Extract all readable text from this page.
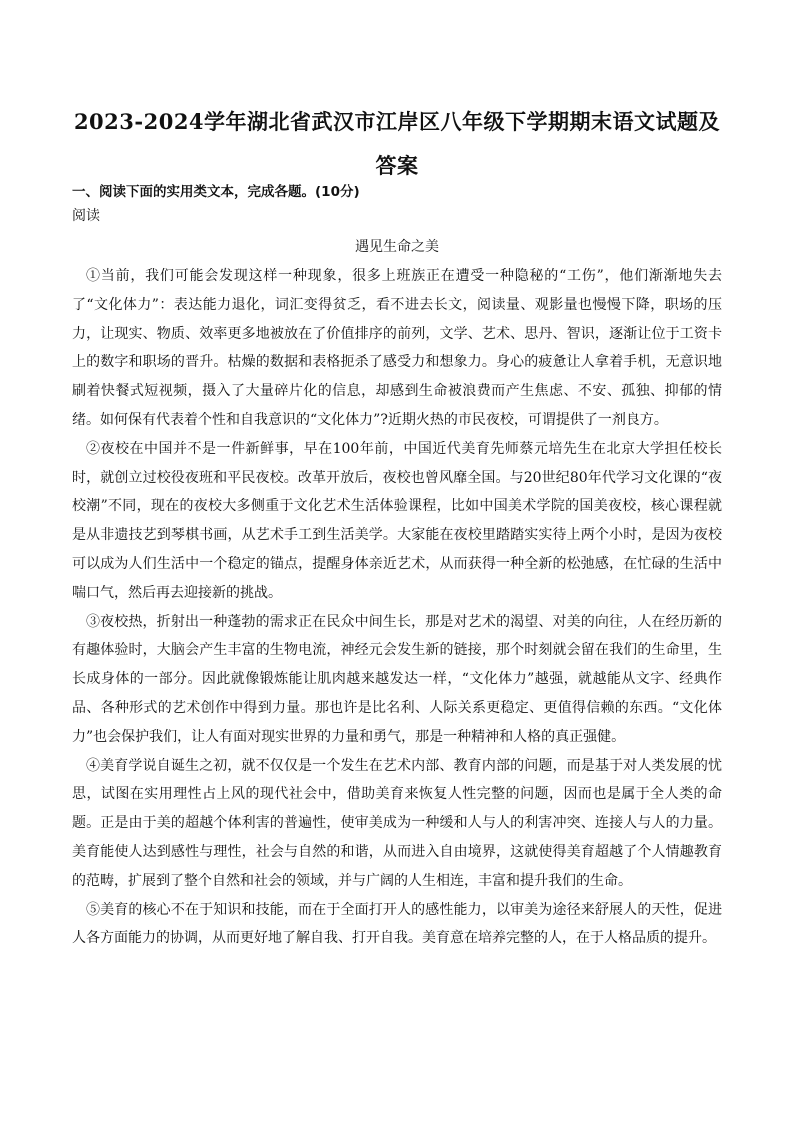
2023-2024学年湖北省武汉市江岸区八年级下学期期末语文试题及答案

一、阅读下面的实用类文本，完成各题。(10分)

阅读

遇见生命之美

①当前，我们可能会发现这样一种现象，很多上班族正在遭受一种隐秘的“工伤”，他们渐渐地失去了“文化体力”：表达能力退化，词汇变得贫乏，看不进去长文，阅读量、观影量也慢慢下降，职场的压力，让现实、物质、效率更多地被放在了价值排序的前列，文学、艺术、思丹、智识，逐渐让位于工资卡上的数字和职场的晋升。枯燥的数据和表格扼杀了感受力和想象力。身心的疲惫让人拿着手机，无意识地刷着快餐式短视频，摄入了大量碎片化的信息，却感到生命被浪费而产生焦虑、不安、孤独、抑郁的情绪。如何保有代表着个性和自我意识的“文化体力”?近期火热的市民夜校，可谓提供了一剂良方。

②夜校在中国并不是一件新鲜事，早在100年前，中国近代美育先师蔡元培先生在北京大学担任校长时，就创立过校役夜班和平民夜校。改革开放后，夜校也曾风靡全国。与20世纪80年代学习文化课的“夜校潮”不同，现在的夜校大多侧重于文化艺术生活体验课程，比如中国美术学院的国美夜校，核心课程就是从非遗技艺到琴棋书画，从艺术手工到生活美学。大家能在夜校里踏踏实实待上两个小时，是因为夜校可以成为人们生活中一个稳定的锚点，提醒身体亲近艺术，从而获得一种全新的松弛感，在忙碌的生活中喘口气，然后再去迎接新的挑战。

③夜校热，折射出一种蓬勃的需求正在民众中间生长，那是对艺术的渴望、对美的向往，人在经历新的有趣体验时，大脑会产生丰富的生物电流，神经元会发生新的链接，那个时刻就会留在我们的生命里，生长成身体的一部分。因此就像锻炼能让肌肉越来越发达一样，“文化体力”越强，就越能从文字、经典作品、各种形式的艺术创作中得到力量。那也许是比名利、人际关系更稳定、更值得信赖的东西。“文化体力”也会保护我们，让人有面对现实世界的力量和勇气，那是一种精神和人格的真正强健。

④美育学说自诞生之初，就不仅仅是一个发生在艺术内部、教育内部的问题，而是基于对人类发展的忧思，试图在实用理性占上风的现代社会中，借助美育来恢复人性完整的问题，因而也是属于全人类的命题。正是由于美的超越个体利害的普遍性，使审美成为一种缓和人与人的利害冲突、连接人与人的力量。美育能使人达到感性与理性，社会与自然的和谐，从而进入自由境界，这就使得美育超越了个人情趣教育的范畴，扩展到了整个自然和社会的领域，并与广阔的人生相连，丰富和提升我们的生命。

⑤美育的核心不在于知识和技能，而在于全面打开人的感性能力，以审美为途径来舒展人的天性，促进人各方面能力的协调，从而更好地了解自我、打开自我。美育意在培养完整的人，在于人格品质的提升。
